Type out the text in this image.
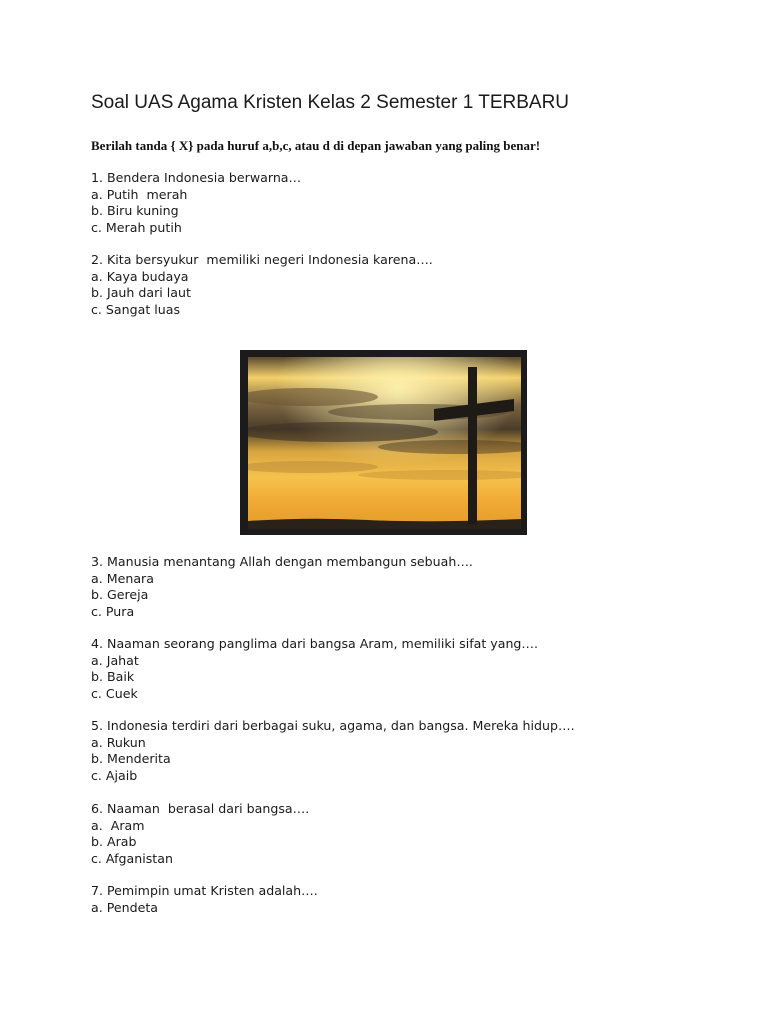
Soal UAS Agama Kristen Kelas 2 Semester 1 TERBARU
Berilah tanda { X} pada huruf a,b,c, atau d di depan jawaban yang paling benar!
1. Bendera Indonesia berwarna…
a. Putih  merah
b. Biru kuning
c. Merah putih
2. Kita bersyukur  memiliki negeri Indonesia karena….
a. Kaya budaya
b. Jauh dari laut
c. Sangat luas
3. Manusia menantang Allah dengan membangun sebuah….
a. Menara
b. Gereja
c. Pura
4. Naaman seorang panglima dari bangsa Aram, memiliki sifat yang….
a. Jahat
b. Baik
c. Cuek
5. Indonesia terdiri dari berbagai suku, agama, dan bangsa. Mereka hidup….
a. Rukun
b. Menderita
c. Ajaib
6. Naaman  berasal dari bangsa….
a.  Aram
b. Arab
c. Afganistan
7. Pemimpin umat Kristen adalah….
a. Pendeta
